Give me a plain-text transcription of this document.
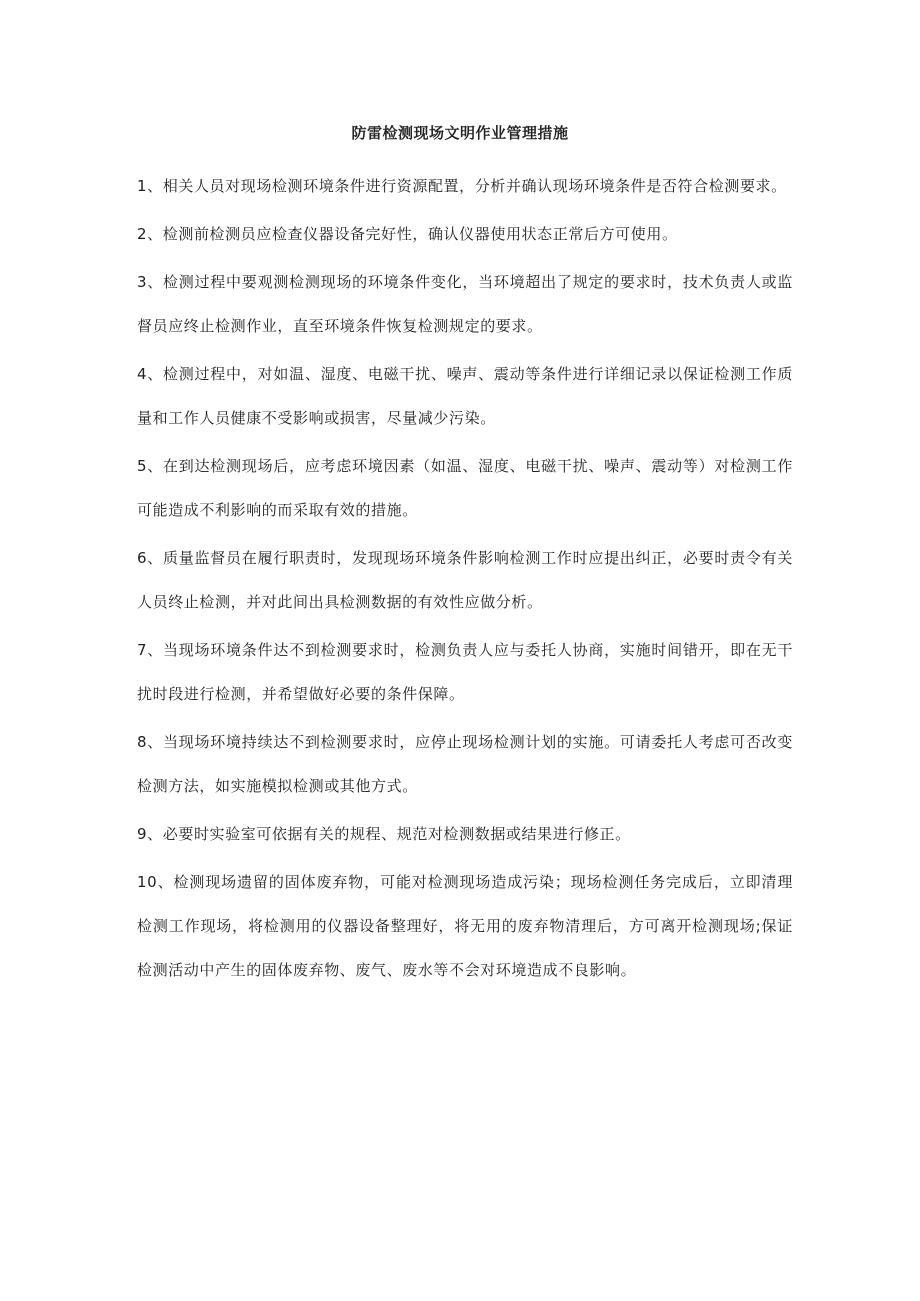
防雷检测现场文明作业管理措施
1、相关人员对现场检测环境条件进行资源配置，分析并确认现场环境条件是否符合检测要求。
2、检测前检测员应检查仪器设备完好性，确认仪器使用状态正常后方可使用。
3、检测过程中要观测检测现场的环境条件变化，当环境超出了规定的要求时，技术负责人或监督员应终止检测作业，直至环境条件恢复检测规定的要求。
4、检测过程中，对如温、湿度、电磁干扰、噪声、震动等条件进行详细记录以保证检测工作质量和工作人员健康不受影响或损害，尽量减少污染。
5、在到达检测现场后，应考虑环境因素（如温、湿度、电磁干扰、噪声、震动等）对检测工作可能造成不利影响的而采取有效的措施。
6、质量监督员在履行职责时，发现现场环境条件影响检测工作时应提出纠正，必要时责令有关人员终止检测，并对此间出具检测数据的有效性应做分析。
7、当现场环境条件达不到检测要求时，检测负责人应与委托人协商，实施时间错开，即在无干扰时段进行检测，并希望做好必要的条件保障。
8、当现场环境持续达不到检测要求时，应停止现场检测计划的实施。可请委托人考虑可否改变检测方法，如实施模拟检测或其他方式。
9、必要时实验室可依据有关的规程、规范对检测数据或结果进行修正。
10、检测现场遗留的固体废弃物，可能对检测现场造成污染；现场检测任务完成后，立即清理检测工作现场，将检测用的仪器设备整理好，将无用的废弃物清理后，方可离开检测现场;保证检测活动中产生的固体废弃物、废气、废水等不会对环境造成不良影响。
